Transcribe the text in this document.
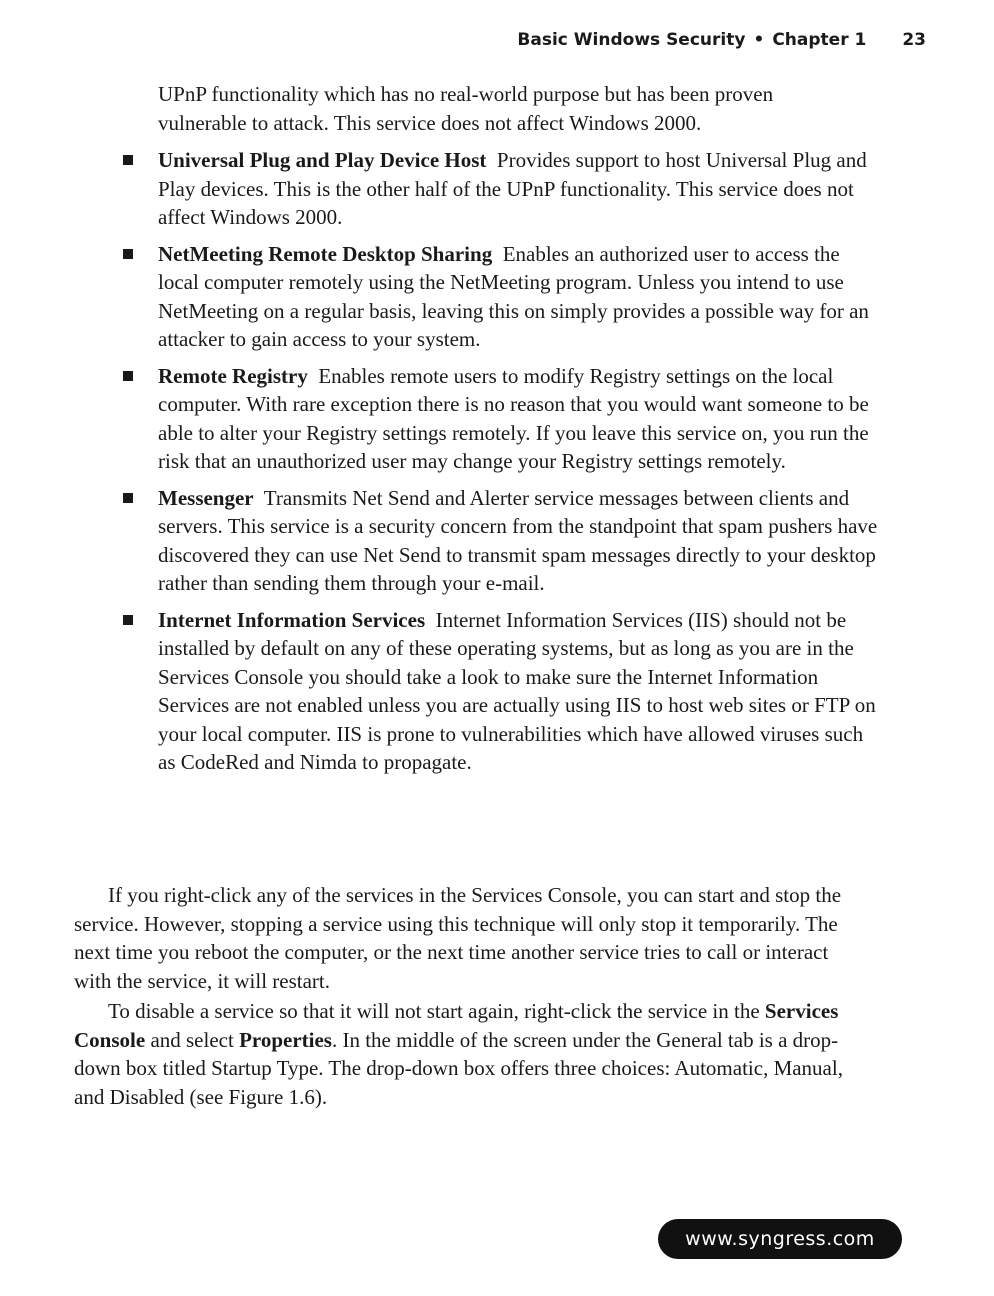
Basic Windows Security • Chapter 1 23
UPnP functionality which has no real-world purpose but has been proven vulnerable to attack. This service does not affect Windows 2000.
Universal Plug and Play Device Host Provides support to host Universal Plug and Play devices. This is the other half of the UPnP functionality. This service does not affect Windows 2000.
NetMeeting Remote Desktop Sharing Enables an authorized user to access the local computer remotely using the NetMeeting program. Unless you intend to use NetMeeting on a regular basis, leaving this on simply provides a possible way for an attacker to gain access to your system.
Remote Registry Enables remote users to modify Registry settings on the local computer. With rare exception there is no reason that you would want someone to be able to alter your Registry settings remotely. If you leave this service on, you run the risk that an unauthorized user may change your Registry settings remotely.
Messenger Transmits Net Send and Alerter service messages between clients and servers. This service is a security concern from the standpoint that spam pushers have discovered they can use Net Send to transmit spam messages directly to your desktop rather than sending them through your e-mail.
Internet Information Services Internet Information Services (IIS) should not be installed by default on any of these operating systems, but as long as you are in the Services Console you should take a look to make sure the Internet Information Services are not enabled unless you are actually using IIS to host web sites or FTP on your local computer. IIS is prone to vulnerabilities which have allowed viruses such as CodeRed and Nimda to propagate.

If you right-click any of the services in the Services Console, you can start and stop the service. However, stopping a service using this technique will only stop it temporarily. The next time you reboot the computer, or the next time another service tries to call or interact with the service, it will restart.

To disable a service so that it will not start again, right-click the service in the Services Console and select Properties. In the middle of the screen under the General tab is a drop-down box titled Startup Type. The drop-down box offers three choices: Automatic, Manual, and Disabled (see Figure 1.6).

www.syngress.com
